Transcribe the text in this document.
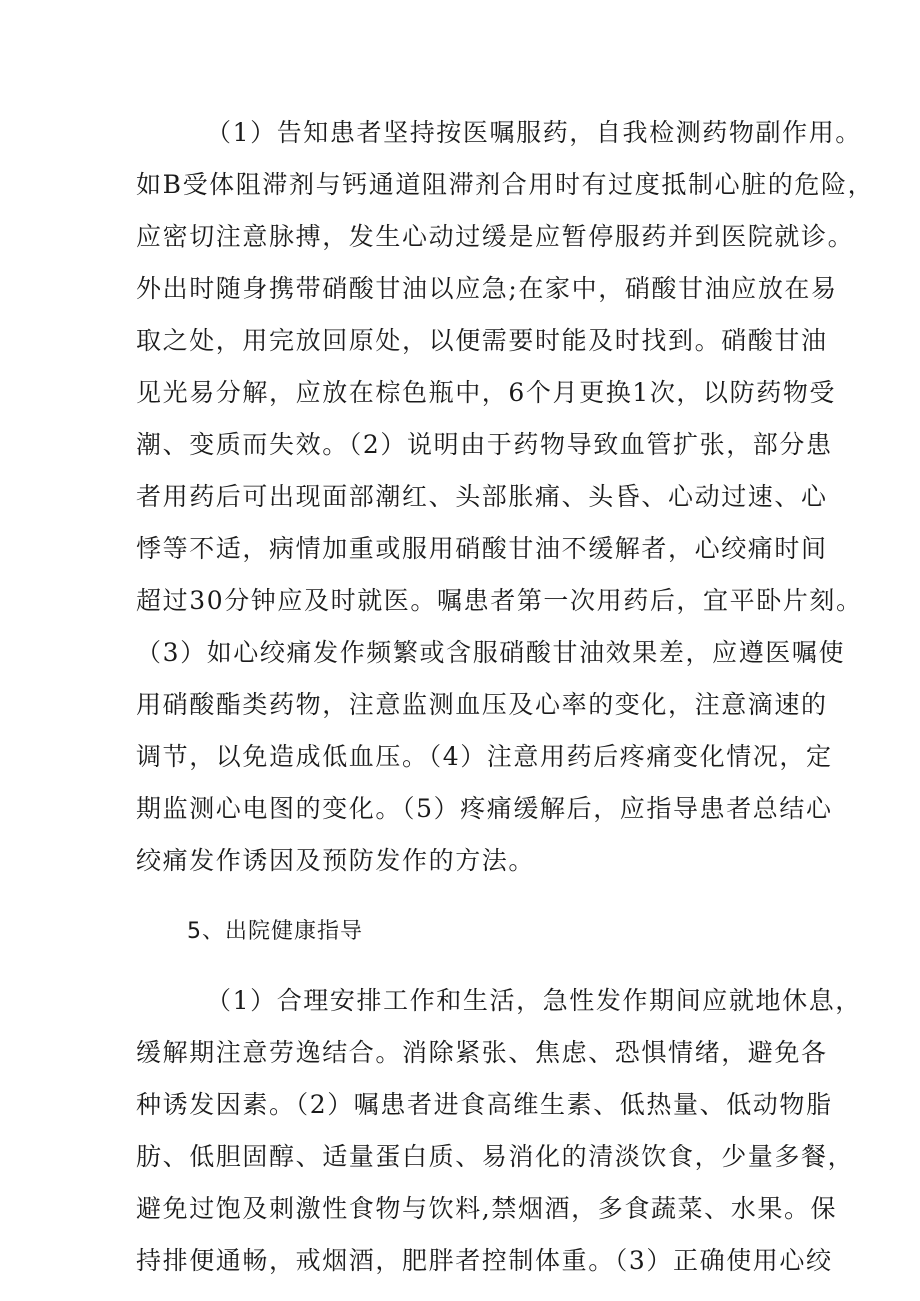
（1）告知患者坚持按医嘱服药，自我检测药物副作用。
如B受体阻滞剂与钙通道阻滞剂合用时有过度抵制心脏的危险，
应密切注意脉搏，发生心动过缓是应暂停服药并到医院就诊。
外出时随身携带硝酸甘油以应急;在家中，硝酸甘油应放在易
取之处，用完放回原处，以便需要时能及时找到。硝酸甘油
见光易分解，应放在棕色瓶中，6个月更换1次，以防药物受
潮、变质而失效。（2）说明由于药物导致血管扩张，部分患
者用药后可出现面部潮红、头部胀痛、头昏、心动过速、心
悸等不适，病情加重或服用硝酸甘油不缓解者，心绞痛时间
超过30分钟应及时就医。嘱患者第一次用药后，宜平卧片刻。
（3）如心绞痛发作频繁或含服硝酸甘油效果差，应遵医嘱使
用硝酸酯类药物，注意监测血压及心率的变化，注意滴速的
调节，以免造成低血压。（4）注意用药后疼痛变化情况，定
期监测心电图的变化。（5）疼痛缓解后，应指导患者总结心
绞痛发作诱因及预防发作的方法。
5、出院健康指导
（1）合理安排工作和生活，急性发作期间应就地休息，
缓解期注意劳逸结合。消除紧张、焦虑、恐惧情绪，避免各
种诱发因素。（2）嘱患者进食高维生素、低热量、低动物脂
肪、低胆固醇、适量蛋白质、易消化的清淡饮食，少量多餐，
避免过饱及刺激性食物与饮料,禁烟酒，多食蔬菜、水果。保
持排便通畅，戒烟酒，肥胖者控制体重。（3）正确使用心绞
